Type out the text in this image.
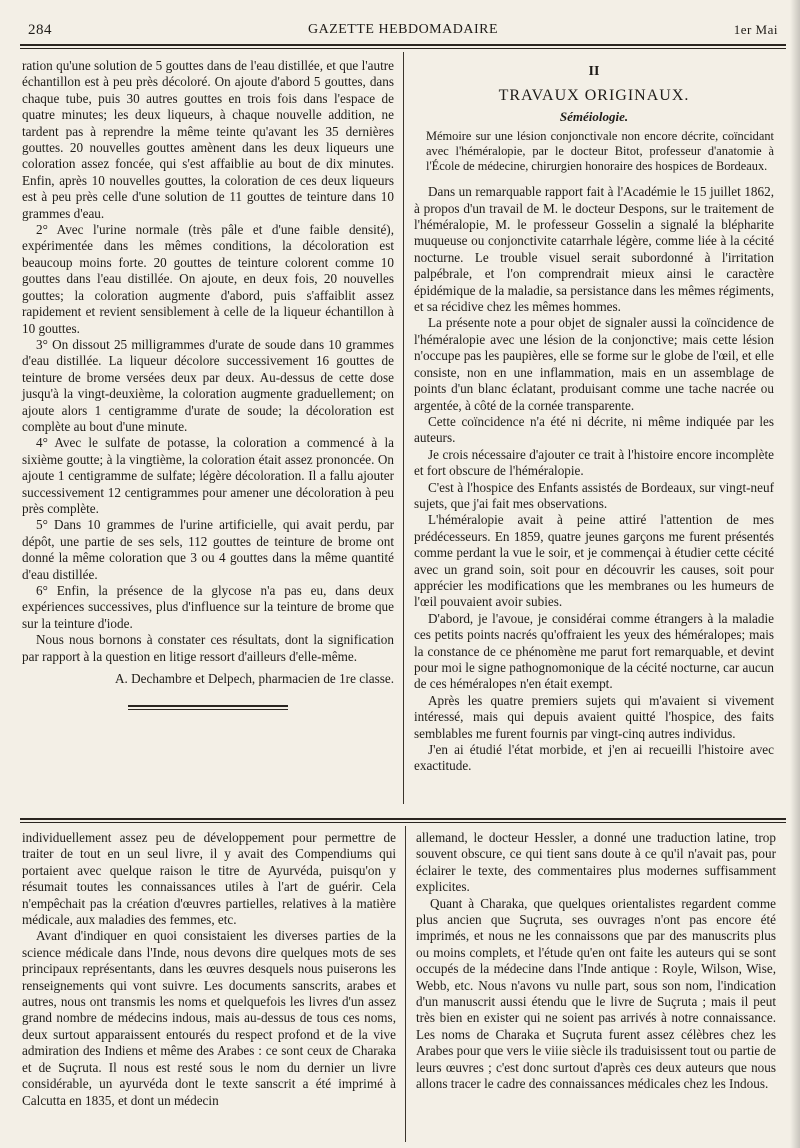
284	GAZETTE HEBDOMADAIRE	1er Mai

ration qu'une solution de 5 gouttes dans de l'eau distillée, et que l'autre échantillon est à peu près décoloré. On ajoute d'abord 5 gouttes, dans chaque tube, puis 30 autres gouttes en trois fois dans l'espace de quatre minutes; les deux liqueurs, à chaque nouvelle addition, ne tardent pas à reprendre la même teinte qu'avant les 35 dernières gouttes. 20 nouvelles gouttes amènent dans les deux liqueurs une coloration assez foncée, qui s'est affaiblie au bout de dix minutes. Enfin, après 10 nouvelles gouttes, la coloration de ces deux liqueurs est à peu près celle d'une solution de 11 gouttes de teinture dans 10 grammes d'eau.

2° Avec l'urine normale (très pâle et d'une faible densité), expérimentée dans les mêmes conditions, la décoloration est beaucoup moins forte. 20 gouttes de teinture colorent comme 10 gouttes dans l'eau distillée. On ajoute, en deux fois, 20 nouvelles gouttes; la coloration augmente d'abord, puis s'affaiblit assez rapidement et revient sensiblement à celle de la liqueur échantillon à 10 gouttes.

3° On dissout 25 milligrammes d'urate de soude dans 10 grammes d'eau distillée. La liqueur décolore successivement 16 gouttes de teinture de brome versées deux par deux. Au-dessus de cette dose jusqu'à la vingt-deuxième, la coloration augmente graduellement; on ajoute alors 1 centigramme d'urate de soude; la décoloration est complète au bout d'une minute.

4° Avec le sulfate de potasse, la coloration a commencé à la sixième goutte; à la vingtième, la coloration était assez prononcée. On ajoute 1 centigramme de sulfate; légère décoloration. Il a fallu ajouter successivement 12 centigrammes pour amener une décoloration à peu près complète.

5° Dans 10 grammes de l'urine artificielle, qui avait perdu, par dépôt, une partie de ses sels, 112 gouttes de teinture de brome ont donné la même coloration que 3 ou 4 gouttes dans la même quantité d'eau distillée.

6° Enfin, la présence de la glycose n'a pas eu, dans deux expériences successives, plus d'influence sur la teinture de brome que sur la teinture d'iode.

Nous nous bornons à constater ces résultats, dont la signification par rapport à la question en litige ressort d'ailleurs d'elle-même.

A. Dechambre et Delpech, pharmacien de 1re classe.

II
TRAVAUX ORIGINAUX.
Séméiologie.

Mémoire sur une lésion conjonctivale non encore décrite, coïncidant avec l'héméralopie, par le docteur Bitot, professeur d'anatomie à l'École de médecine, chirurgien honoraire des hospices de Bordeaux.

Dans un remarquable rapport fait à l'Académie le 15 juillet 1862, à propos d'un travail de M. le docteur Despons, sur le traitement de l'héméralopie, M. le professeur Gosselin a signalé la blépharite muqueuse ou conjonctivite catarrhale légère, comme liée à la cécité nocturne. Le trouble visuel serait subordonné à l'irritation palpébrale, et l'on comprendrait mieux ainsi le caractère épidémique de la maladie, sa persistance dans les mêmes régiments, et sa récidive chez les mêmes hommes.

La présente note a pour objet de signaler aussi la coïncidence de l'héméralopie avec une lésion de la conjonctive; mais cette lésion n'occupe pas les paupières, elle se forme sur le globe de l'œil, et elle consiste, non en une inflammation, mais en un assemblage de points d'un blanc éclatant, produisant comme une tache nacrée ou argentée, à côté de la cornée transparente.

Cette coïncidence n'a été ni décrite, ni même indiquée par les auteurs.

Je crois nécessaire d'ajouter ce trait à l'histoire encore incomplète et fort obscure de l'héméralopie.

C'est à l'hospice des Enfants assistés de Bordeaux, sur vingt-neuf sujets, que j'ai fait mes observations.

L'héméralopie avait à peine attiré l'attention de mes prédécesseurs. En 1859, quatre jeunes garçons me furent présentés comme perdant la vue le soir, et je commençai à étudier cette cécité avec un grand soin, soit pour en découvrir les causes, soit pour apprécier les modifications que les membranes ou les humeurs de l'œil pouvaient avoir subies.

D'abord, je l'avoue, je considérai comme étrangers à la maladie ces petits points nacrés qu'offraient les yeux des héméralopes; mais la constance de ce phénomène me parut fort remarquable, et devint pour moi le signe pathognomonique de la cécité nocturne, car aucun de ces héméralopes n'en était exempt.

Après les quatre premiers sujets qui m'avaient si vivement intéressé, mais qui depuis avaient quitté l'hospice, des faits semblables me furent fournis par vingt-cinq autres individus.

J'en ai étudié l'état morbide, et j'en ai recueilli l'histoire avec exactitude.

individuellement assez peu de développement pour permettre de traiter de tout en un seul livre, il y avait des Compendiums qui portaient avec quelque raison le titre de Ayurvéda, puisqu'on y résumait toutes les connaissances utiles à l'art de guérir. Cela n'empêchait pas la création d'œuvres partielles, relatives à la matière médicale, aux maladies des femmes, etc.

Avant d'indiquer en quoi consistaient les diverses parties de la science médicale dans l'Inde, nous devons dire quelques mots de ses principaux représentants, dans les œuvres desquels nous puiserons les renseignements qui vont suivre. Les documents sanscrits, arabes et autres, nous ont transmis les noms et quelquefois les livres d'un assez grand nombre de médecins indous, mais au-dessus de tous ces noms, deux surtout apparaissent entourés du respect profond et de la vive admiration des Indiens et même des Arabes : ce sont ceux de Charaka et de Suçruta. Il nous est resté sous le nom du dernier un livre considérable, un ayurvéda dont le texte sanscrit a été imprimé à Calcutta en 1835, et dont un médecin

allemand, le docteur Hessler, a donné une traduction latine, trop souvent obscure, ce qui tient sans doute à ce qu'il n'avait pas, pour éclairer le texte, des commentaires plus modernes suffisamment explicites.

Quant à Charaka, que quelques orientalistes regardent comme plus ancien que Suçruta, ses ouvrages n'ont pas encore été imprimés, et nous ne les connaissons que par des manuscrits plus ou moins complets, et l'étude qu'en ont faite les auteurs qui se sont occupés de la médecine dans l'Inde antique : Royle, Wilson, Wise, Webb, etc. Nous n'avons vu nulle part, sous son nom, l'indication d'un manuscrit aussi étendu que le livre de Suçruta ; mais il peut très bien en exister qui ne soient pas arrivés à notre connaissance. Les noms de Charaka et Suçruta furent assez célèbres chez les Arabes pour que vers le viiie siècle ils traduisissent tout ou partie de leurs œuvres ; c'est donc surtout d'après ces deux auteurs que nous allons tracer le cadre des connaissances médicales chez les Indous.
